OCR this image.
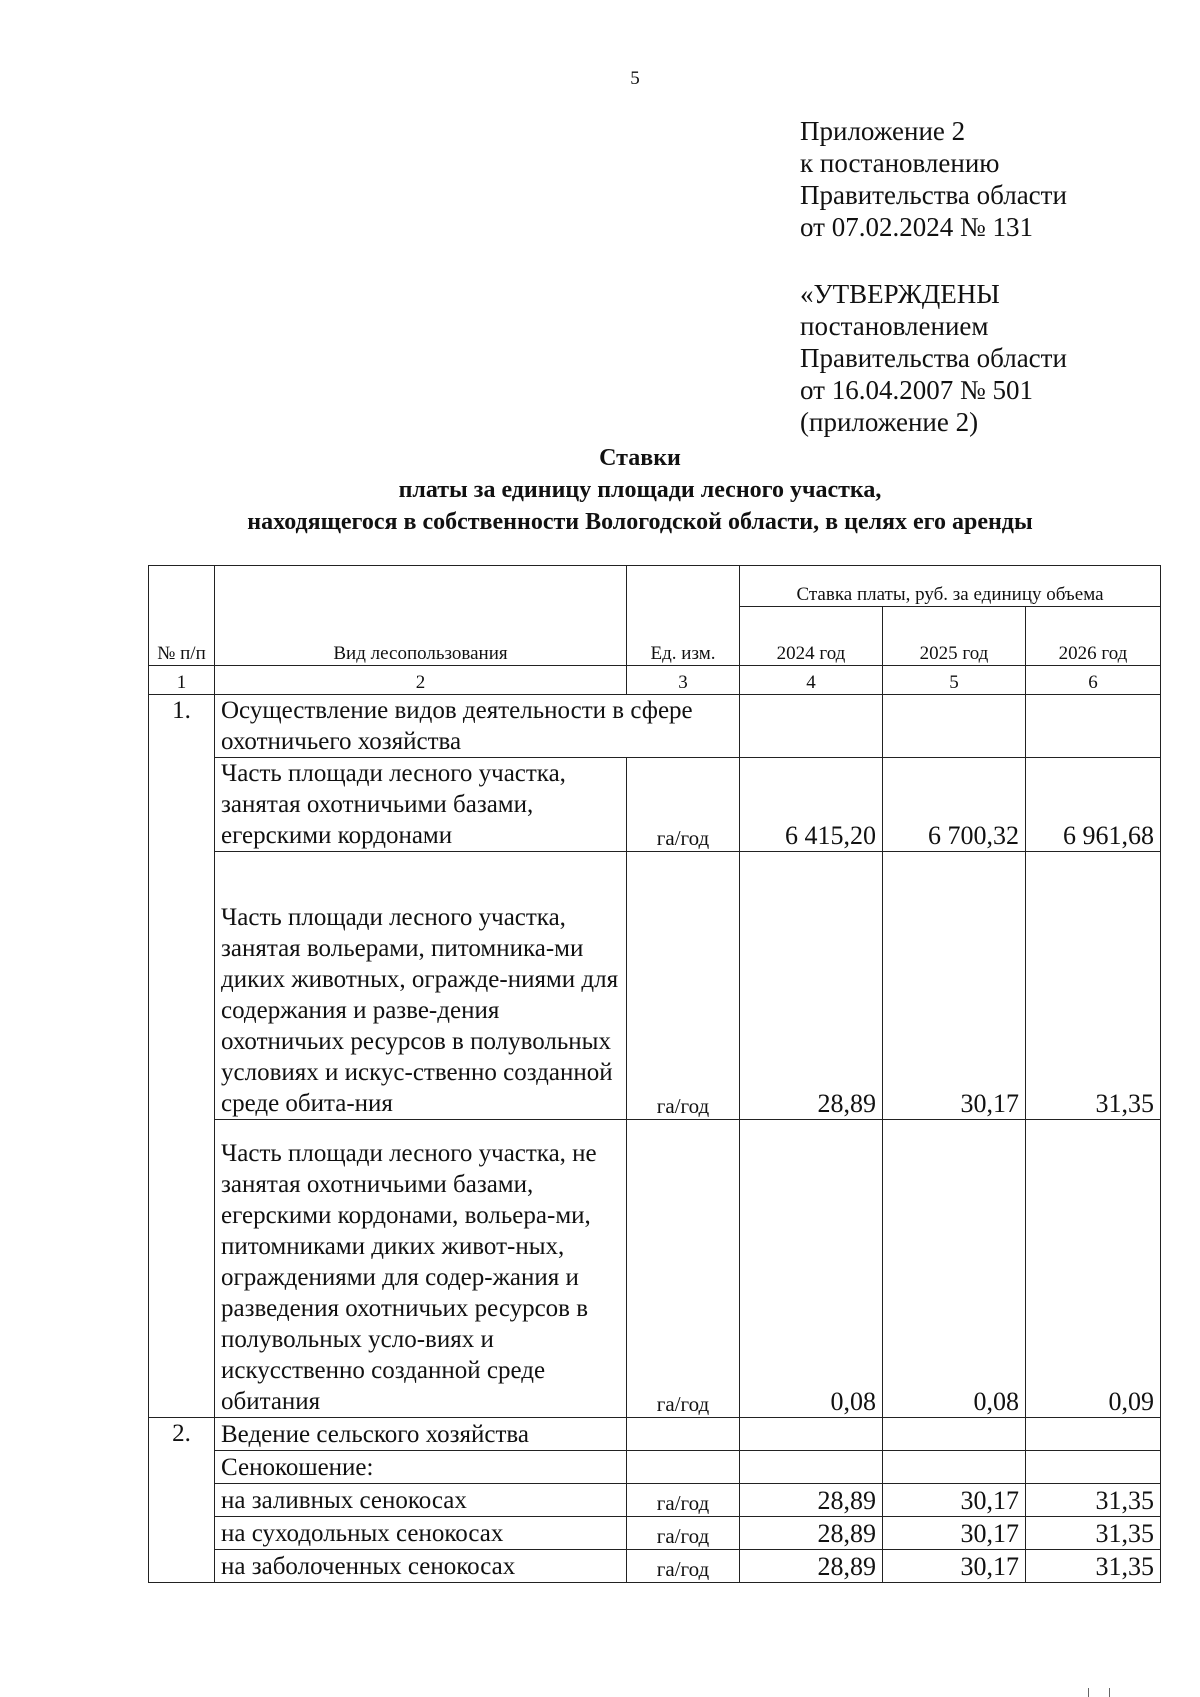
5
Приложение 2
к постановлению
Правительства области
от 07.02.2024 № 131
«УТВЕРЖДЕНЫ
постановлением
Правительства области
от 16.04.2007 № 501
(приложение 2)
Ставки
платы за единицу площади лесного участка,
находящегося в собственности Вологодской области, в целях его аренды
№ п/п	Вид лесопользования	Ед. изм.	Ставка платы, руб. за единицу объема		
			2024 год	2025 год	2026 год
1	2	3	4	5	6
1.	Осуществление видов деятельности в сфере охотничьего хозяйства				
	Часть площади лесного участка, занятая охотничьими базами, егерскими кордонами	га/год	6 415,20	6 700,32	6 961,68
	Часть площади лесного участка, занятая вольерами, питомника-ми диких животных, огражде-ниями для содержания и разве-дения охотничьих ресурсов в полувольных условиях и искус-ственно созданной среде обита-ния	га/год	28,89	30,17	31,35
	Часть площади лесного участка, не занятая охотничьими базами, егерскими кордонами, вольера-ми, питомниками диких живот-ных, ограждениями для содер-жания и разведения охотничьих ресурсов в полувольных усло-виях и искусственно созданной среде обитания	га/год	0,08	0,08	0,09
2.	Ведение сельского хозяйства				
	Сенокошение:				
	на заливных сенокосах	га/год	28,89	30,17	31,35
	на суходольных сенокосах	га/год	28,89	30,17	31,35
	на заболоченных сенокосах	га/год	28,89	30,17	31,35
